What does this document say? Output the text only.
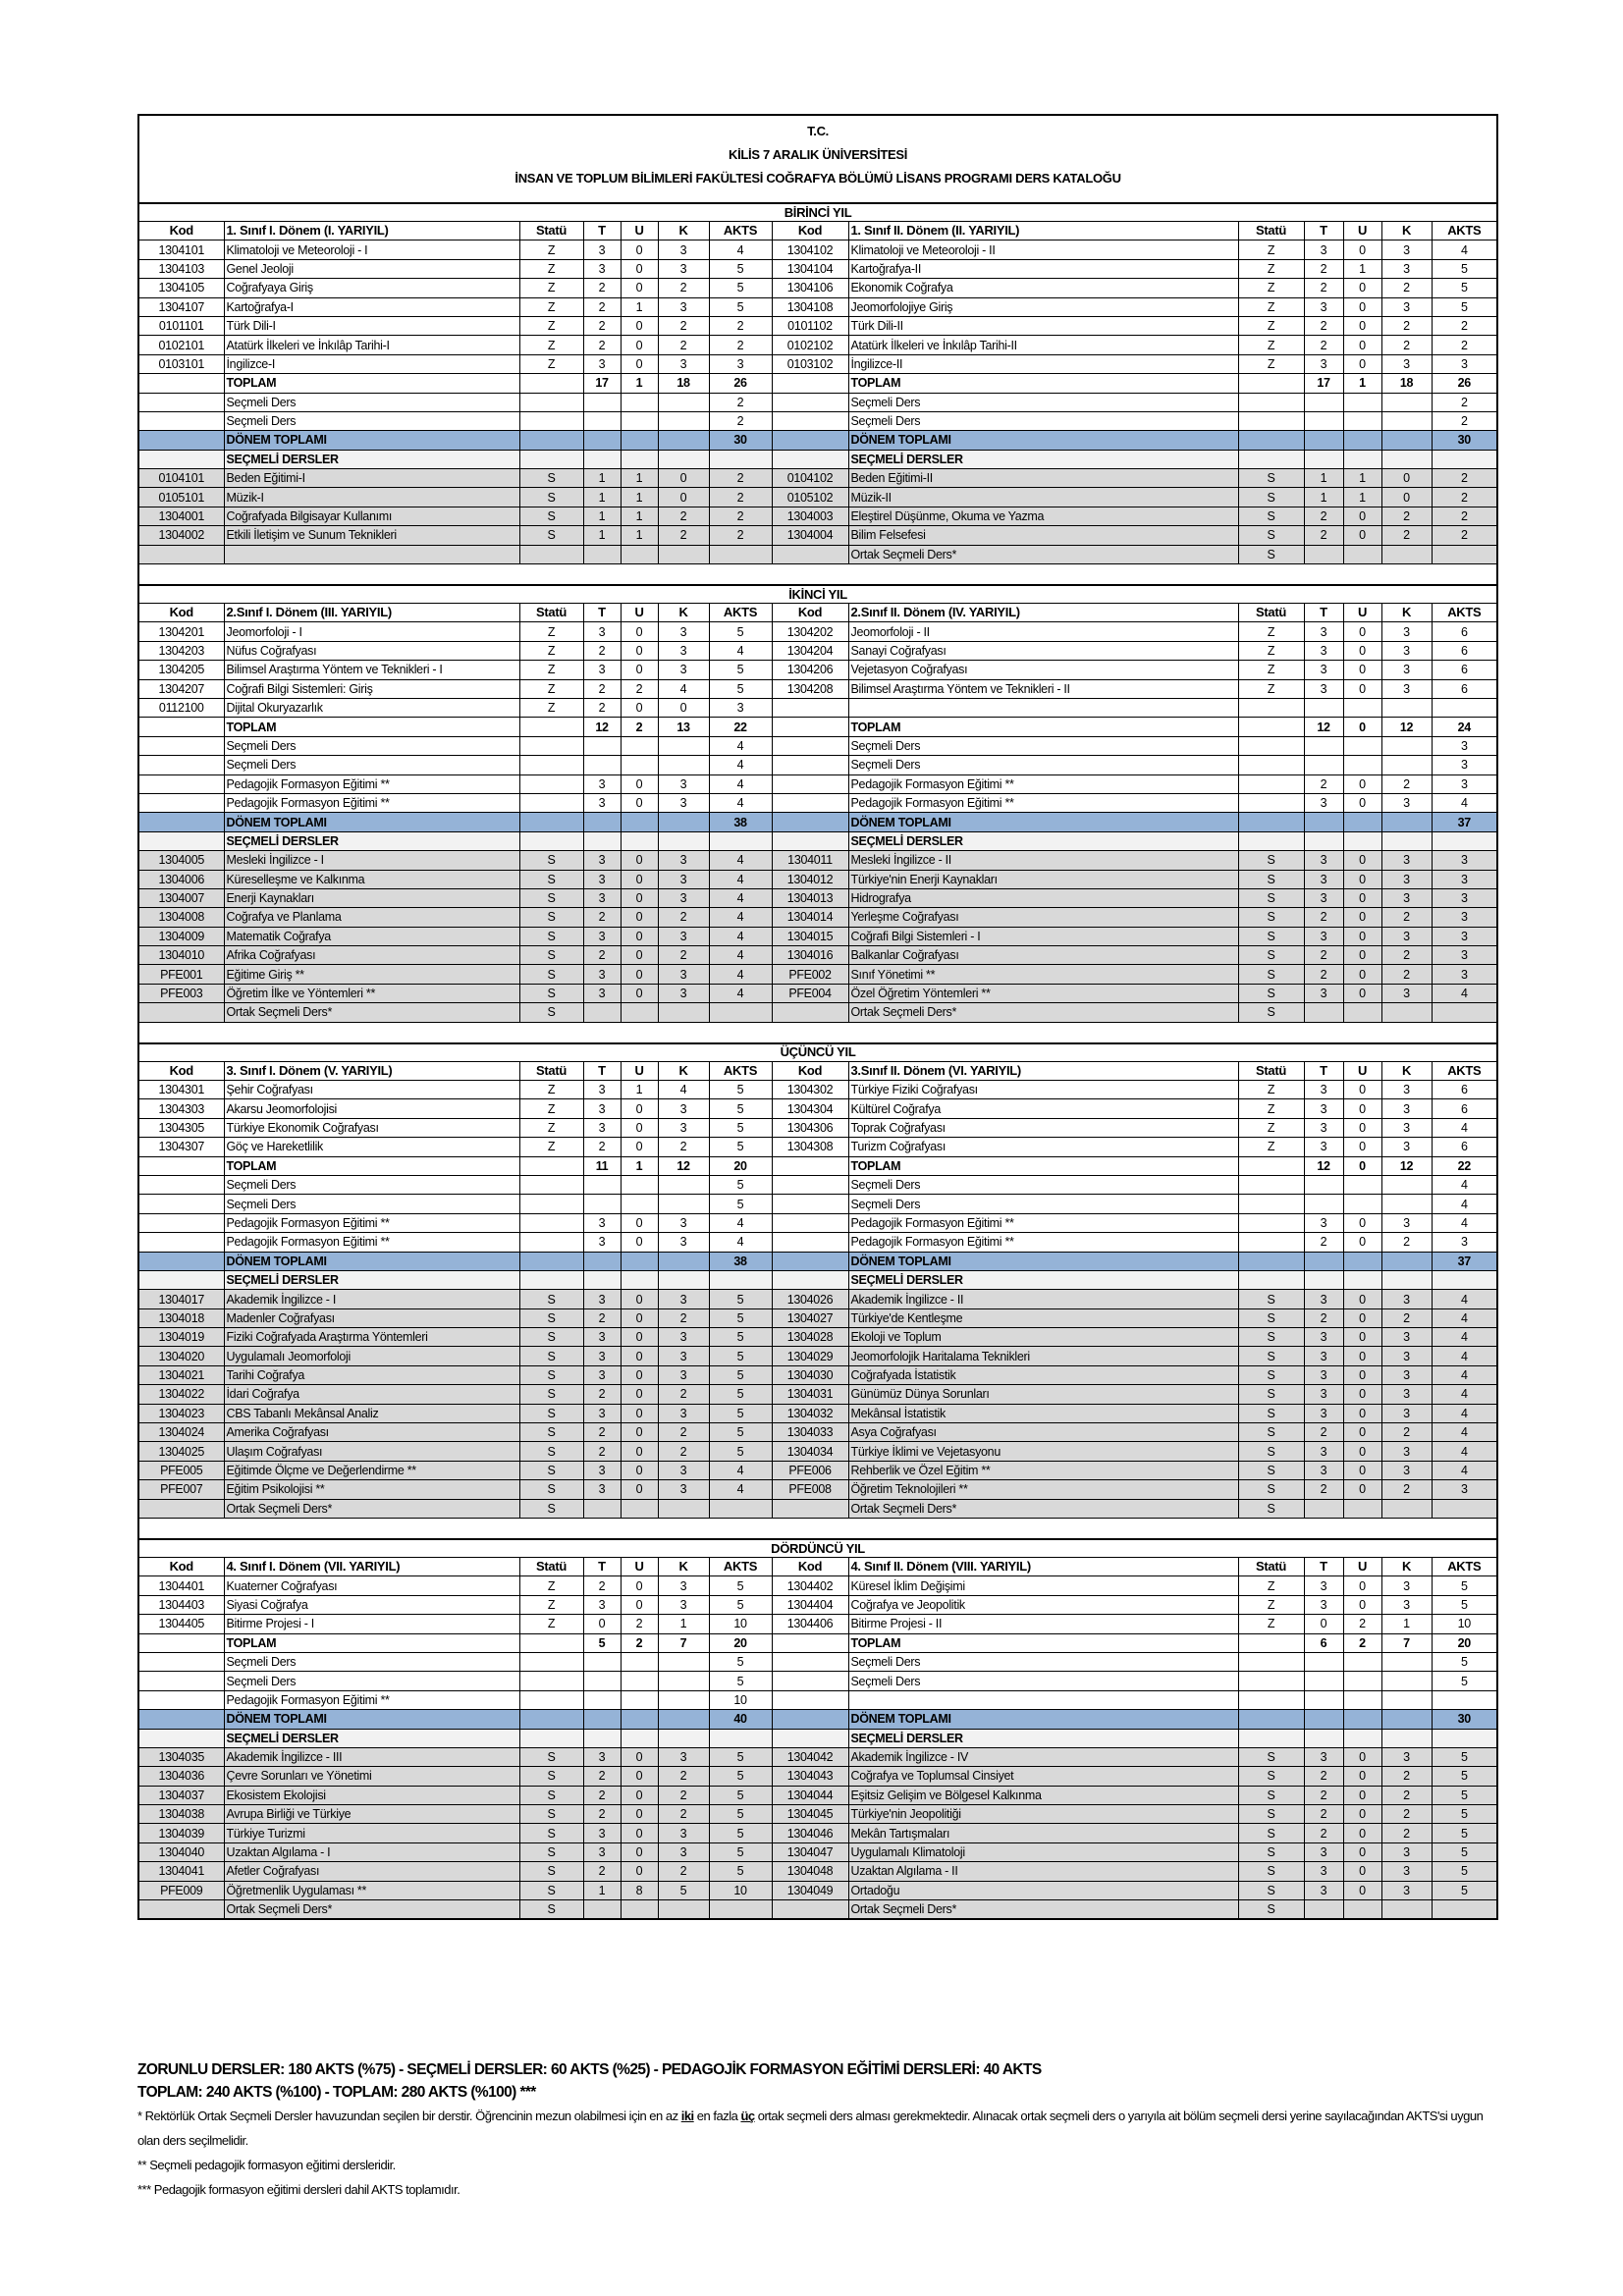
T.C.
KİLİS 7 ARALIK ÜNİVERSİTESİ
İNSAN VE TOPLUM BİLİMLERİ FAKÜLTESİ COĞRAFYA BÖLÜMÜ LİSANS PROGRAMI DERS KATALOĞU													

BİRİNCİ YIL													
Kod	1. Sınıf I. Dönem (I. YARIYIL)	Statü	T	U	K	AKTS	Kod	1. Sınıf II. Dönem (II. YARIYIL)	Statü	T	U	K	AKTS
1304101	Klimatoloji ve Meteoroloji - I	Z	3	0	3	4	1304102	Klimatoloji ve Meteoroloji - II	Z	3	0	3	4
1304103	Genel Jeoloji	Z	3	0	3	5	1304104	Kartoğrafya-II	Z	2	1	3	5
1304105	Coğrafyaya Giriş	Z	2	0	2	5	1304106	Ekonomik Coğrafya	Z	2	0	2	5
1304107	Kartoğrafya-I	Z	2	1	3	5	1304108	Jeomorfolojiye Giriş	Z	3	0	3	5
0101101	Türk Dili-I	Z	2	0	2	2	0101102	Türk Dili-II	Z	2	0	2	2
0102101	Atatürk İlkeleri ve İnkılâp Tarihi-I	Z	2	0	2	2	0102102	Atatürk İlkeleri ve İnkılâp Tarihi-II	Z	2	0	2	2
0103101	İngilizce-I	Z	3	0	3	3	0103102	İngilizce-II	Z	3	0	3	3
	TOPLAM		17	1	18	26		TOPLAM		17	1	18	26
	Seçmeli Ders					2		Seçmeli Ders					2
	Seçmeli Ders					2		Seçmeli Ders					2
	DÖNEM TOPLAMI					30		DÖNEM TOPLAMI					30
	SEÇMELİ DERSLER							SEÇMELİ DERSLER					
0104101	Beden Eğitimi-I	S	1	1	0	2	0104102	Beden Eğitimi-II	S	1	1	0	2
0105101	Müzik-I	S	1	1	0	2	0105102	Müzik-II	S	1	1	0	2
1304001	Coğrafyada Bilgisayar Kullanımı	S	1	1	2	2	1304003	Eleştirel Düşünme, Okuma ve Yazma	S	2	0	2	2
1304002	Etkili İletişim ve Sunum Teknikleri	S	1	1	2	2	1304004	Bilim Felsefesi	S	2	0	2	2
								Ortak Seçmeli Ders*	S				

İKİNCİ YIL													
Kod	2.Sınıf I. Dönem (III. YARIYIL)	Statü	T	U	K	AKTS	Kod	2.Sınıf II. Dönem (IV. YARIYIL)	Statü	T	U	K	AKTS
1304201	Jeomorfoloji - I	Z	3	0	3	5	1304202	Jeomorfoloji - II	Z	3	0	3	6
1304203	Nüfus Coğrafyası	Z	2	0	3	4	1304204	Sanayi Coğrafyası	Z	3	0	3	6
1304205	Bilimsel Araştırma Yöntem ve Teknikleri - I	Z	3	0	3	5	1304206	Vejetasyon Coğrafyası	Z	3	0	3	6
1304207	Coğrafi Bilgi Sistemleri: Giriş	Z	2	2	4	5	1304208	Bilimsel Araştırma Yöntem ve Teknikleri - II	Z	3	0	3	6
0112100	Dijital Okuryazarlık	Z	2	0	0	3							
	TOPLAM		12	2	13	22		TOPLAM		12	0	12	24
	Seçmeli Ders					4		Seçmeli Ders					3
	Seçmeli Ders					4		Seçmeli Ders					3
	Pedagojik Formasyon Eğitimi **		3	0	3	4		Pedagojik Formasyon Eğitimi **		2	0	2	3
	Pedagojik Formasyon Eğitimi **		3	0	3	4		Pedagojik Formasyon Eğitimi **		3	0	3	4
	DÖNEM TOPLAMI					38		DÖNEM TOPLAMI					37
	SEÇMELİ DERSLER							SEÇMELİ DERSLER					
1304005	Mesleki İngilizce - I	S	3	0	3	4	1304011	Mesleki İngilizce - II	S	3	0	3	3
1304006	Küreselleşme ve Kalkınma	S	3	0	3	4	1304012	Türkiye'nin Enerji Kaynakları	S	3	0	3	3
1304007	Enerji Kaynakları	S	3	0	3	4	1304013	Hidrografya	S	3	0	3	3
1304008	Coğrafya ve Planlama	S	2	0	2	4	1304014	Yerleşme Coğrafyası	S	2	0	2	3
1304009	Matematik Coğrafya	S	3	0	3	4	1304015	Coğrafi Bilgi Sistemleri - I	S	3	0	3	3
1304010	Afrika Coğrafyası	S	2	0	2	4	1304016	Balkanlar Coğrafyası	S	2	0	2	3
PFE001	Eğitime Giriş **	S	3	0	3	4	PFE002	Sınıf Yönetimi **	S	2	0	2	3
PFE003	Öğretim İlke ve Yöntemleri **	S	3	0	3	4	PFE004	Özel Öğretim Yöntemleri **	S	3	0	3	4
	Ortak Seçmeli Ders*	S						Ortak Seçmeli Ders*	S				

ÜÇÜNCÜ YIL													
Kod	3. Sınıf I. Dönem (V. YARIYIL)	Statü	T	U	K	AKTS	Kod	3.Sınıf II. Dönem (VI. YARIYIL)	Statü	T	U	K	AKTS
1304301	Şehir Coğrafyası	Z	3	1	4	5	1304302	Türkiye Fiziki Coğrafyası	Z	3	0	3	6
1304303	Akarsu Jeomorfolojisi	Z	3	0	3	5	1304304	Kültürel Coğrafya	Z	3	0	3	6
1304305	Türkiye Ekonomik Coğrafyası	Z	3	0	3	5	1304306	Toprak Coğrafyası	Z	3	0	3	4
1304307	Göç ve Hareketlilik	Z	2	0	2	5	1304308	Turizm Coğrafyası	Z	3	0	3	6
	TOPLAM		11	1	12	20		TOPLAM		12	0	12	22
	Seçmeli Ders					5		Seçmeli Ders					4
	Seçmeli Ders					5		Seçmeli Ders					4
	Pedagojik Formasyon Eğitimi **		3	0	3	4		Pedagojik Formasyon Eğitimi **		3	0	3	4
	Pedagojik Formasyon Eğitimi **		3	0	3	4		Pedagojik Formasyon Eğitimi **		2	0	2	3
	DÖNEM TOPLAMI					38		DÖNEM TOPLAMI					37
	SEÇMELİ DERSLER							SEÇMELİ DERSLER					
1304017	Akademik İngilizce - I	S	3	0	3	5	1304026	Akademik İngilizce - II	S	3	0	3	4
1304018	Madenler Coğrafyası	S	2	0	2	5	1304027	Türkiye'de Kentleşme	S	2	0	2	4
1304019	Fiziki Coğrafyada Araştırma Yöntemleri	S	3	0	3	5	1304028	Ekoloji ve Toplum	S	3	0	3	4
1304020	Uygulamalı Jeomorfoloji	S	3	0	3	5	1304029	Jeomorfolojik Haritalama Teknikleri	S	3	0	3	4
1304021	Tarihi Coğrafya	S	3	0	3	5	1304030	Coğrafyada İstatistik	S	3	0	3	4
1304022	İdari Coğrafya	S	2	0	2	5	1304031	Günümüz Dünya Sorunları	S	3	0	3	4
1304023	CBS Tabanlı Mekânsal Analiz	S	3	0	3	5	1304032	Mekânsal İstatistik	S	3	0	3	4
1304024	Amerika Coğrafyası	S	2	0	2	5	1304033	Asya Coğrafyası	S	2	0	2	4
1304025	Ulaşım Coğrafyası	S	2	0	2	5	1304034	Türkiye İklimi ve Vejetasyonu	S	3	0	3	4
PFE005	Eğitimde Ölçme ve Değerlendirme **	S	3	0	3	4	PFE006	Rehberlik ve Özel Eğitim **	S	3	0	3	4
PFE007	Eğitim Psikolojisi **	S	3	0	3	4	PFE008	Öğretim Teknolojileri **	S	2	0	2	3
	Ortak Seçmeli Ders*	S						Ortak Seçmeli Ders*	S				

DÖRDÜNCÜ YIL													
Kod	4. Sınıf I. Dönem (VII. YARIYIL)	Statü	T	U	K	AKTS	Kod	4. Sınıf II. Dönem (VIII. YARIYIL)	Statü	T	U	K	AKTS
1304401	Kuaterner Coğrafyası	Z	2	0	3	5	1304402	Küresel İklim Değişimi	Z	3	0	3	5
1304403	Siyasi Coğrafya	Z	3	0	3	5	1304404	Coğrafya ve Jeopolitik	Z	3	0	3	5
1304405	Bitirme Projesi - I	Z	0	2	1	10	1304406	Bitirme Projesi - II	Z	0	2	1	10
	TOPLAM		5	2	7	20		TOPLAM		6	2	7	20
	Seçmeli Ders					5		Seçmeli Ders					5
	Seçmeli Ders					5		Seçmeli Ders					5
	Pedagojik Formasyon Eğitimi **					10							
	DÖNEM TOPLAMI					40		DÖNEM TOPLAMI					30
	SEÇMELİ DERSLER							SEÇMELİ DERSLER					
1304035	Akademik İngilizce - III	S	3	0	3	5	1304042	Akademik İngilizce - IV	S	3	0	3	5
1304036	Çevre Sorunları ve Yönetimi	S	2	0	2	5	1304043	Coğrafya ve Toplumsal Cinsiyet	S	2	0	2	5
1304037	Ekosistem Ekolojisi	S	2	0	2	5	1304044	Eşitsiz Gelişim ve Bölgesel Kalkınma	S	2	0	2	5
1304038	Avrupa Birliği ve Türkiye	S	2	0	2	5	1304045	Türkiye'nin Jeopolitiği	S	2	0	2	5
1304039	Türkiye Turizmi	S	3	0	3	5	1304046	Mekân Tartışmaları	S	2	0	2	5
1304040	Uzaktan Algılama - I	S	3	0	3	5	1304047	Uygulamalı Klimatoloji	S	3	0	3	5
1304041	Afetler Coğrafyası	S	2	0	2	5	1304048	Uzaktan Algılama - II	S	3	0	3	5
PFE009	Öğretmenlik Uygulaması **	S	1	8	5	10	1304049	Ortadoğu	S	3	0	3	5
	Ortak Seçmeli Ders*	S						Ortak Seçmeli Ders*	S				
ZORUNLU DERSLER: 180 AKTS (%75) - SEÇMELİ DERSLER: 60 AKTS (%25) - PEDAGOJİK FORMASYON EĞİTİMİ DERSLERİ: 40 AKTS
TOPLAM: 240 AKTS (%100) - TOPLAM: 280 AKTS (%100) ***
* Rektörlük Ortak Seçmeli Dersler havuzundan seçilen bir derstir. Öğrencinin mezun olabilmesi için en az iki en fazla üç ortak seçmeli ders alması gerekmektedir. Alınacak ortak seçmeli ders o yarıyıla ait bölüm seçmeli dersi yerine sayılacağından AKTS'si uygun olan ders seçilmelidir.
** Seçmeli pedagojik formasyon eğitimi dersleridir.
*** Pedagojik formasyon eğitimi dersleri dahil AKTS toplamıdır.
